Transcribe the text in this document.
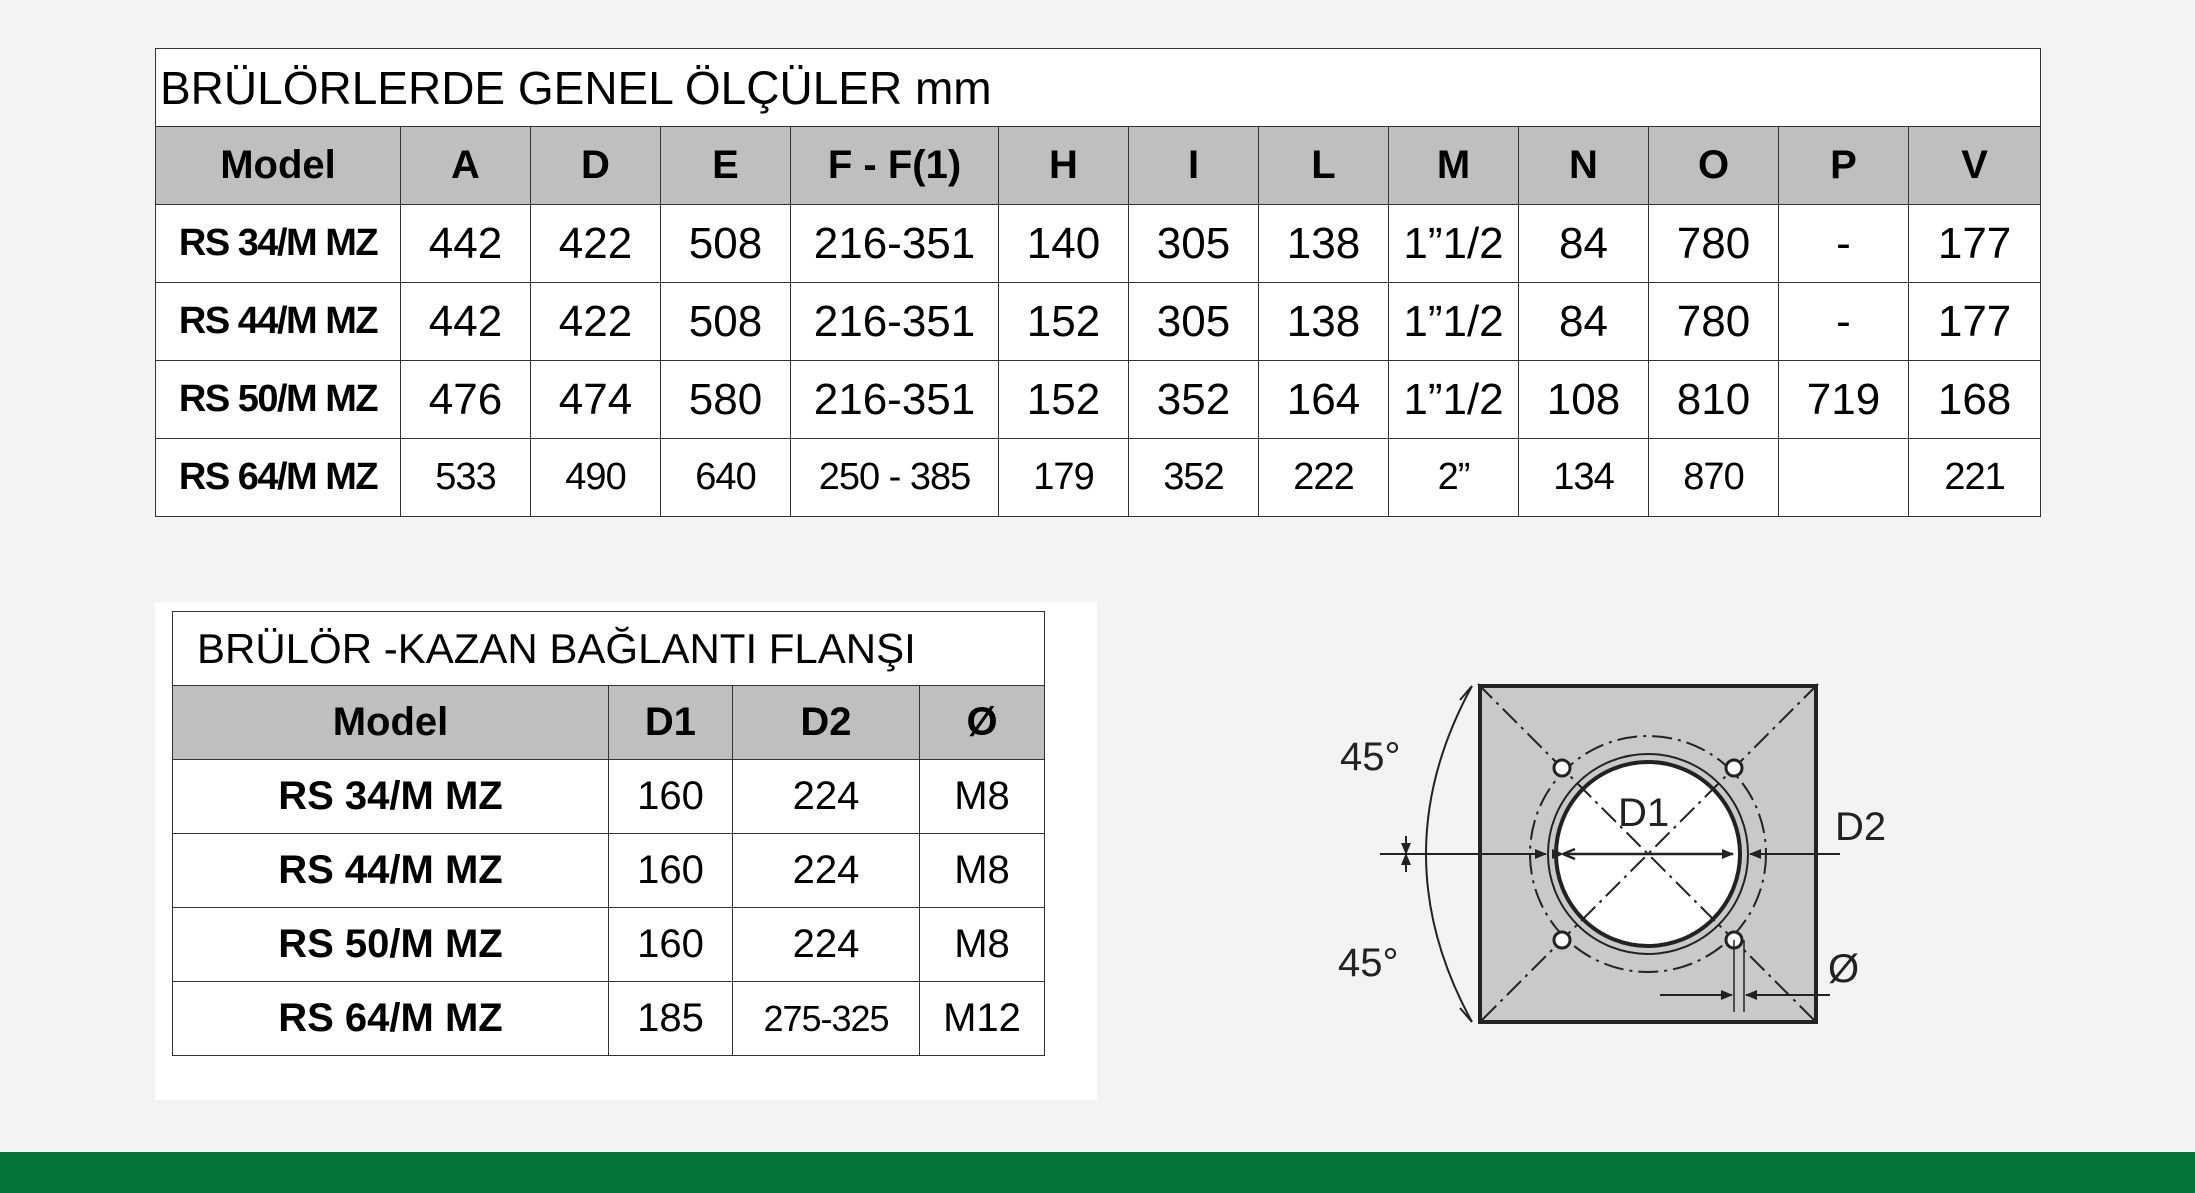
BRÜLÖRLERDE GENEL ÖLÇÜLER mm												
Model	A	D	E	F - F(1)	H	I	L	M	N	O	P	V
RS 34/M MZ	442	422	508	216-351	140	305	138	1”1/2	84	780	-	177
RS 44/M MZ	442	422	508	216-351	152	305	138	1”1/2	84	780	-	177
RS 50/M MZ	476	474	580	216-351	152	352	164	1”1/2	108	810	719	168
RS 64/M MZ	533	490	640	250 - 385	179	352	222	2”	134	870		221
BRÜLÖR -KAZAN BAĞLANTI FLANŞI			
Model	D1	D2	Ø
RS 34/M MZ	160	224	M8
RS 44/M MZ	160	224	M8
RS 50/M MZ	160	224	M8
RS 64/M MZ	185	275-325	M12
D1	D2
45°
45°	Ø
